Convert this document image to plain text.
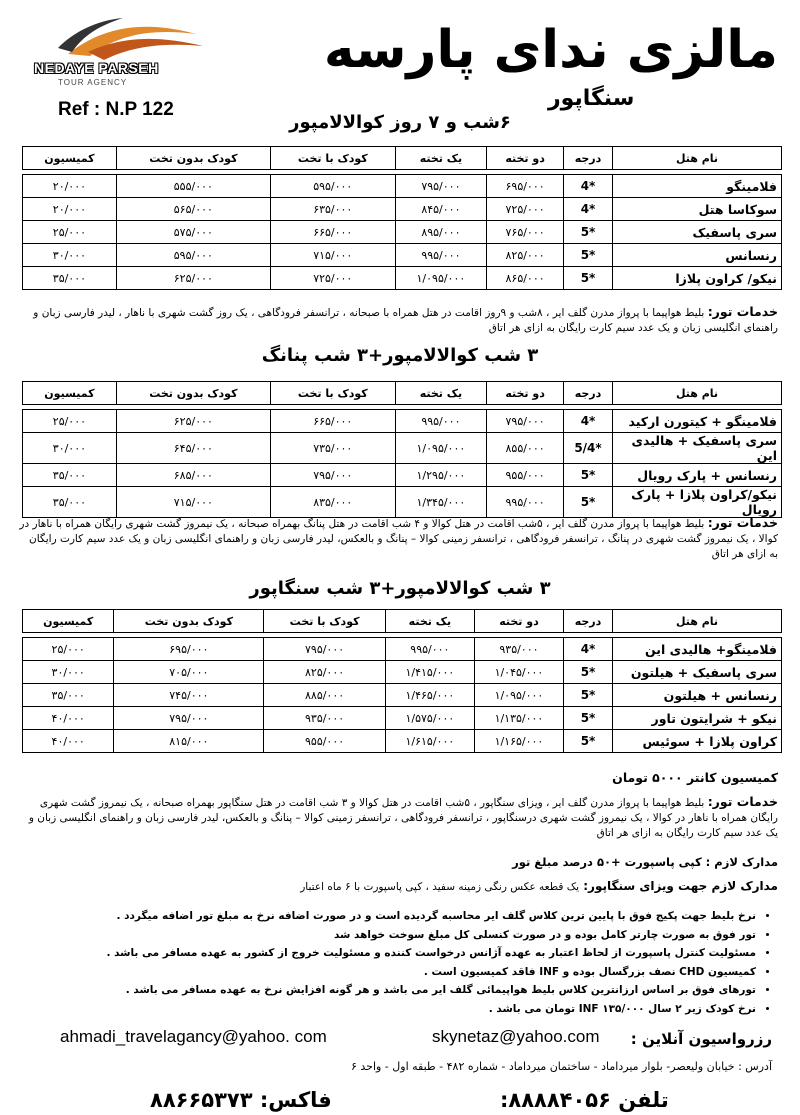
NEDAYE PARSEH
TOUR AGENCY
Ref : N.P 122
مالزی ندای پارسه
سنگاپور
۶شب و ۷ روز کوالالامپور
نام هتل	درجه	دو تخته	یک تخته	کودک با تخت	کودک بدون تخت	کمیسیون

فلامینگو	4*	۶۹۵/۰۰۰	۷۹۵/۰۰۰	۵۹۵/۰۰۰	۵۵۵/۰۰۰	۲۰/۰۰۰
سوکاسا هتل	4*	۷۲۵/۰۰۰	۸۴۵/۰۰۰	۶۳۵/۰۰۰	۵۶۵/۰۰۰	۲۰/۰۰۰
سری پاسفیک	5*	۷۶۵/۰۰۰	۸۹۵/۰۰۰	۶۶۵/۰۰۰	۵۷۵/۰۰۰	۲۵/۰۰۰
رنسانس	5*	۸۲۵/۰۰۰	۹۹۵/۰۰۰	۷۱۵/۰۰۰	۵۹۵/۰۰۰	۳۰/۰۰۰
نیکو/ کراون پلازا	5*	۸۶۵/۰۰۰	۱/۰۹۵/۰۰۰	۷۲۵/۰۰۰	۶۲۵/۰۰۰	۳۵/۰۰۰
خدمات تور: بلیط هواپیما با پرواز مدرن گلف ایر ، ۸شب و ۹روز اقامت در هتل همراه با صبحانه ، ترانسفر فرودگاهی ، یک روز گشت شهری با ناهار ، لیدر فارسی زبان و راهنمای انگلیسی زبان و یک عدد سیم کارت رایگان به ازای هر اتاق
۳ شب کوالالامپور+۳ شب پنانگ
نام هتل	درجه	دو تخته	یک تخته	کودک با تخت	کودک بدون تخت	کمیسیون

فلامینگو + کیتورن ارکید	4*	۷۹۵/۰۰۰	۹۹۵/۰۰۰	۶۶۵/۰۰۰	۶۲۵/۰۰۰	۲۵/۰۰۰
سری پاسفیک + هالیدی این	5/4*	۸۵۵/۰۰۰	۱/۰۹۵/۰۰۰	۷۳۵/۰۰۰	۶۴۵/۰۰۰	۳۰/۰۰۰
رنسانس + پارک رویال	5*	۹۵۵/۰۰۰	۱/۲۹۵/۰۰۰	۷۹۵/۰۰۰	۶۸۵/۰۰۰	۳۵/۰۰۰
نیکو/کراون پلازا + پارک رویال	5*	۹۹۵/۰۰۰	۱/۳۴۵/۰۰۰	۸۳۵/۰۰۰	۷۱۵/۰۰۰	۳۵/۰۰۰
خدمات تور: بلیط هواپیما با پرواز مدرن گلف ایر ، ۵شب اقامت در هتل کوالا و ۴ شب اقامت در هتل پنانگ بهمراه صبحانه ، یک نیمروز گشت شهری رایگان همراه با ناهار در کوالا ، یک نیمروز گشت شهری در پنانگ ، ترانسفر فرودگاهی ، ترانسفر زمینی کوالا – پنانگ و بالعکس، لیدر فارسی زبان و راهنمای انگلیسی زبان و یک عدد سیم کارت رایگان به ازای هر اتاق
۳ شب کوالالامپور+۳ شب سنگاپور
نام هتل	درجه	دو تخته	یک تخته	کودک با تخت	کودک بدون تخت	کمیسیون

فلامینگو+ هالیدی این	4*	۹۳۵/۰۰۰	۹۹۵/۰۰۰	۷۹۵/۰۰۰	۶۹۵/۰۰۰	۲۵/۰۰۰
سری پاسفیک + هیلتون	5*	۱/۰۴۵/۰۰۰	۱/۴۱۵/۰۰۰	۸۲۵/۰۰۰	۷۰۵/۰۰۰	۳۰/۰۰۰
رنسانس + هیلتون	5*	۱/۰۹۵/۰۰۰	۱/۴۶۵/۰۰۰	۸۸۵/۰۰۰	۷۴۵/۰۰۰	۳۵/۰۰۰
نیکو + شرایتون تاور	5*	۱/۱۳۵/۰۰۰	۱/۵۷۵/۰۰۰	۹۳۵/۰۰۰	۷۹۵/۰۰۰	۴۰/۰۰۰
کراون پلازا + سوئیس	5*	۱/۱۶۵/۰۰۰	۱/۶۱۵/۰۰۰	۹۵۵/۰۰۰	۸۱۵/۰۰۰	۴۰/۰۰۰
کمیسیون کانتر ۵۰۰۰ تومان
خدمات تور: بلیط هواپیما با پرواز مدرن گلف ایر ، ویزای سنگاپور ، ۵شب اقامت در هتل کوالا و ۳ شب اقامت در هتل سنگاپور بهمراه صبحانه ، یک نیمروز گشت شهری رایگان همراه با ناهار در کوالا ، یک نیمروز گشت شهری درسنگاپور ، ترانسفر فرودگاهی ، ترانسفر زمینی کوالا – پنانگ و بالعکس، لیدر فارسی زبان و راهنمای انگلیسی زبان و یک عدد سیم کارت رایگان به ازای هر اتاق
مدارک لازم : کپی پاسپورت +۵۰ درصد مبلغ تور
مدارک لازم جهت ویزای سنگاپور: یک قطعه عکس رنگی زمینه سفید ، کپی پاسپورت با ۶ ماه اعتبار
• نرخ بلیط جهت پکیج فوق با پایین ترین کلاس گلف ایر محاسبه گردیده است و در صورت اضافه نرخ به مبلغ تور اضافه میگردد .
• تور فوق به صورت چارتر کامل بوده و در صورت کنسلی کل مبلغ سوخت خواهد شد
• مسئولیت کنترل پاسپورت از لحاظ اعتبار به عهده آژانس درخواست کننده و مسئولیت خروج از کشور به عهده مسافر می باشد .
• کمیسیون CHD نصف بزرگسال بوده و INF فاقد کمیسیون است .
• تورهای فوق بر اساس ارزانترین کلاس بلیط هواپیمائی گلف ایر می باشد و هر گونه افزایش نرخ به عهده مسافر می باشد .
• نرخ کودک زیر ۲ سال INF ۱۳۵/۰۰۰ تومان می باشد .
ahmadi_travelagancy@yahoo. com	skynetaz@yahoo.com رزرواسیون آنلاین :
آدرس : خیابان ولیعصر- بلوار میرداماد - ساختمان میرداماد - شماره ۴۸۲ - طبقه اول - واحد ۶
تلفن ۸۸۸۸۴۰۵۶:
فاکس: ۸۸۶۶۵۳۷۳
